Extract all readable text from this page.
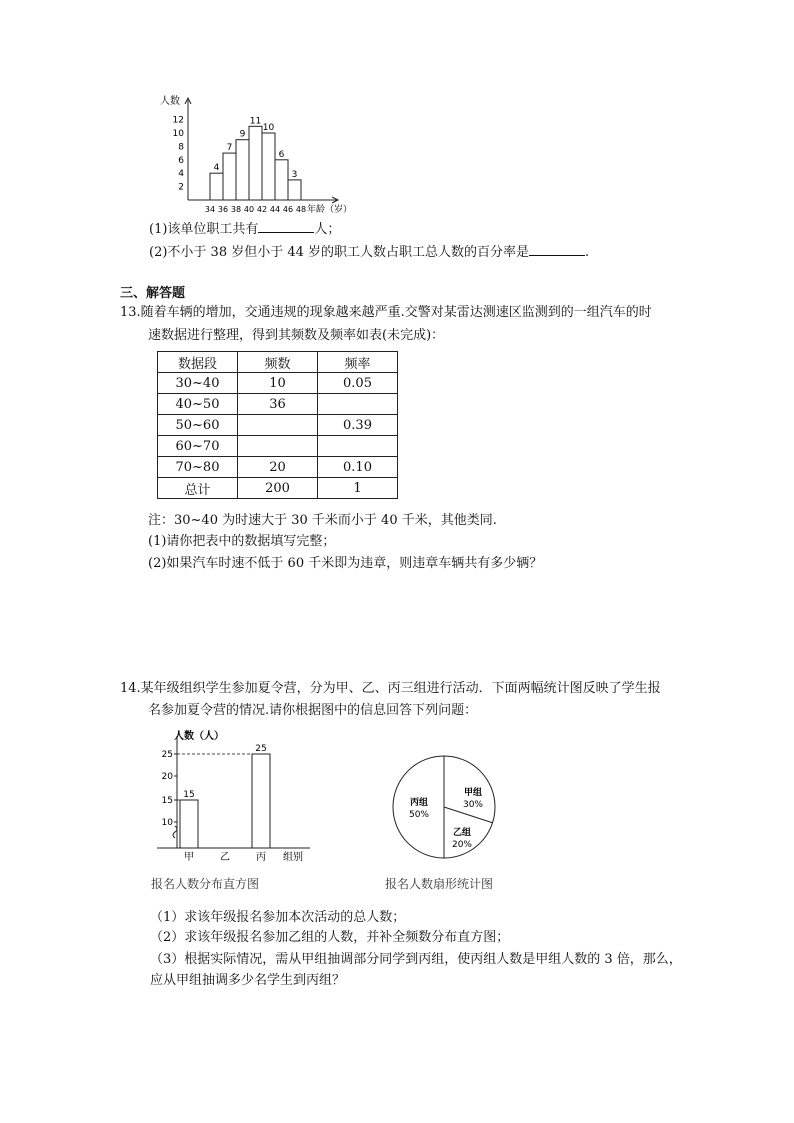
人数
12
10
8
6
4
2
4
7
9
11
10
6
3
34 36 38 40 42 44 46 48 年龄（岁）
(1)该单位职工共有	人；
(2)不小于 38 岁但小于 44 岁的职工人数占职工总人数的百分率是	.
三、解答题
13.随着车辆的增加，交通违规的现象越来越严重.交警对某雷达测速区监测到的一组汽车的时
速数据进行整理，得到其频数及频率如表(未完成)：
数据段	频数	频率
30~40	10	0.05
40~50	36	
50~60		0.39
60~70		
70~80	20	0.10
总计	200	1
注：30~40 为时速大于 30 千米而小于 40 千米，其他类同.
(1)请你把表中的数据填写完整；
(2)如果汽车时速不低于 60 千米即为违章，则违章车辆共有多少辆？
14.某年级组织学生参加夏令营，分为甲、乙、丙三组进行活动．下面两幅统计图反映了学生报
名参加夏令营的情况.请你根据图中的信息回答下列问题：
人数（人）
25
20
15
10
15
甲	乙
25
丙 组别
报名人数分布直方图
甲组
30%
乙组
20%
丙组
50%
报名人数扇形统计图
（1）求该年级报名参加本次活动的总人数；
（2）求该年级报名参加乙组的人数，并补全频数分布直方图；
（3）根据实际情况，需从甲组抽调部分同学到丙组，使丙组人数是甲组人数的 3 倍，那么，
应从甲组抽调多少名学生到丙组？
